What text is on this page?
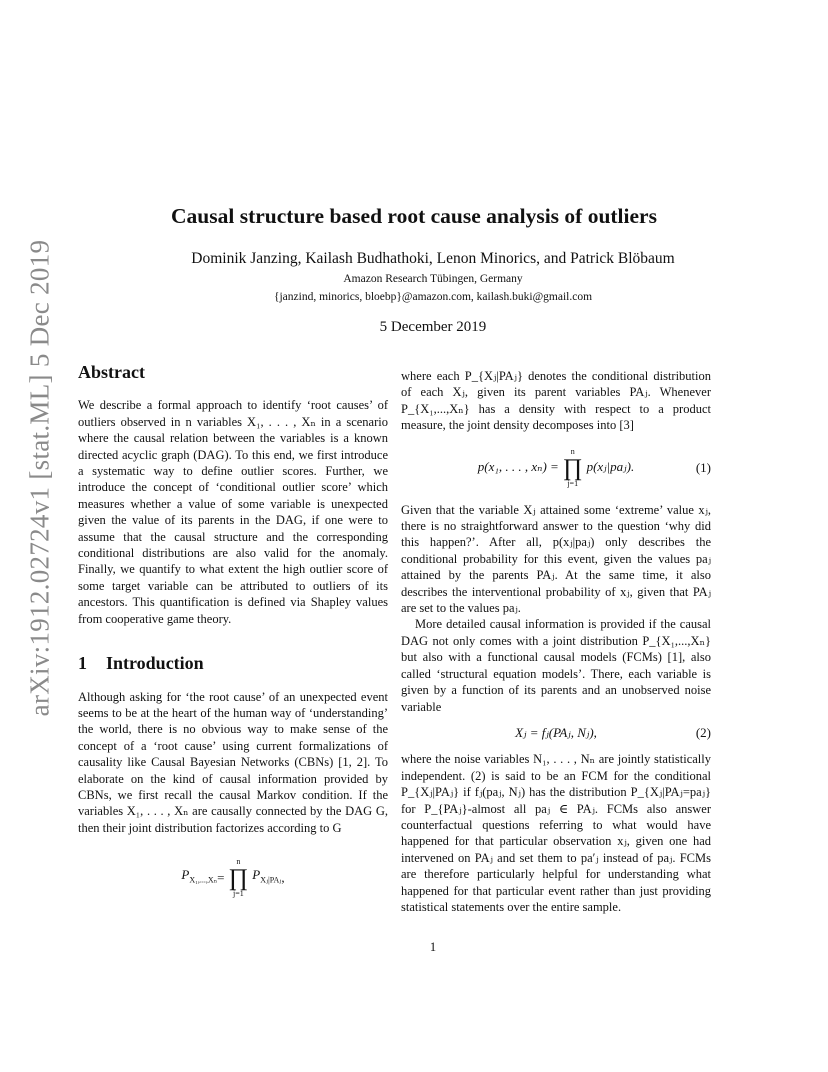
arXiv:1912.02724v1 [stat.ML] 5 Dec 2019
Causal structure based root cause analysis of outliers
Dominik Janzing, Kailash Budhathoki, Lenon Minorics, and Patrick Blöbaum
Amazon Research Tübingen, Germany
{janzind, minorics, bloebp}@amazon.com, kailash.buki@gmail.com
5 December 2019
Abstract

We describe a formal approach to identify ‘root causes’ of outliers observed in n variables X₁, . . . , Xₙ in a scenario where the causal relation between the variables is a known directed acyclic graph (DAG). To this end, we first introduce a systematic way to define outlier scores. Further, we introduce the concept of ‘conditional outlier score’ which measures whether a value of some variable is unexpected given the value of its parents in the DAG, if one were to assume that the causal structure and the corresponding conditional distributions are also valid for the anomaly. Finally, we quantify to what extent the high outlier score of some target variable can be attributed to outliers of its ancestors. This quantification is defined via Shapley values from cooperative game theory.

1	Introduction

Although asking for ‘the root cause’ of an unexpected event seems to be at the heart of the human way of ‘understanding’ the world, there is no obvious way to make sense of the concept of a ‘root cause’ using current formalizations of causality like Causal Bayesian Networks (CBNs) [1, 2]. To elaborate on the kind of causal information provided by CBNs, we first recall the causal Markov condition. If the variables X₁, . . . , Xₙ are causally connected by the DAG G, then their joint distribution factorizes according to G

$P_{X_1,...,X_n}$ =
n
∏
j=1
$P_{Xⱼ|PAⱼ}$ ,

where each P_{Xⱼ|PAⱼ} denotes the conditional distribution of each Xⱼ, given its parent variables PAⱼ. Whenever P_{X₁,...,Xₙ} has a density with respect to a product measure, the joint density decomposes into [3]

p(x₁, . . . , xₙ) =
n
∏
j=1
p(xⱼ|paⱼ).	(1)

Given that the variable Xⱼ attained some ‘extreme’ value xⱼ, there is no straightforward answer to the question ‘why did this happen?’. After all, p(xⱼ|paⱼ) only describes the conditional probability for this event, given the values paⱼ attained by the parents PAⱼ. At the same time, it also describes the interventional probability of xⱼ, given that PAⱼ are set to the values paⱼ.

More detailed causal information is provided if the causal DAG not only comes with a joint distribution P_{X₁,...,Xₙ} but also with a functional causal models (FCMs) [1], also called ‘structural equation models’. There, each variable is given by a function of its parents and an unobserved noise variable

Xⱼ = fⱼ(PAⱼ, Nⱼ),	(2)

where the noise variables N₁, . . . , Nₙ are jointly statistically independent. (2) is said to be an FCM for the conditional P_{Xⱼ|PAⱼ} if fⱼ(paⱼ, Nⱼ) has the distribution P_{Xⱼ|PAⱼ=paⱼ} for P_{PAⱼ}-almost all paⱼ ∈ PAⱼ. FCMs also answer counterfactual questions referring to what would have happened for that particular observation xⱼ, given one had intervened on PAⱼ and set them to pa′ⱼ instead of paⱼ. FCMs are therefore particularly helpful for understanding what happened for that particular event rather than just providing statistical statements over the entire sample.

1
